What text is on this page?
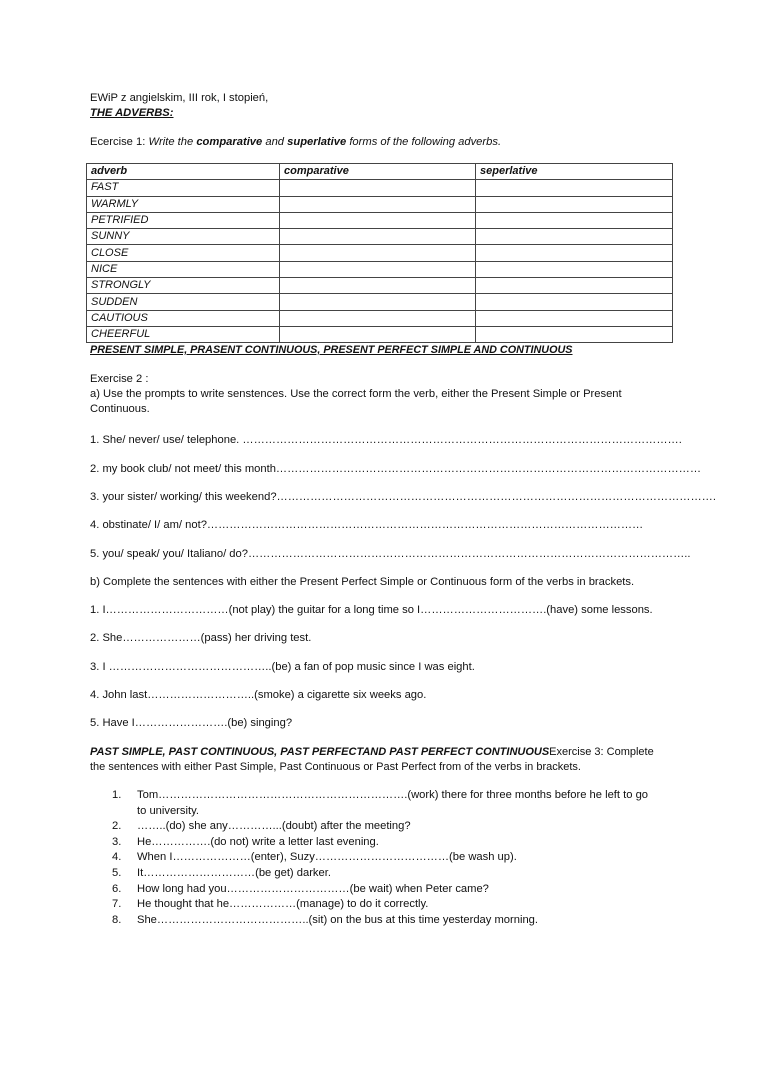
EWiP z angielskim, III rok, I stopień,
THE ADVERBS:
Ecercise 1: Write the comparative and superlative forms of the following adverbs.
adverb	comparative	seperlative
FAST		
WARMLY		
PETRIFIED		
SUNNY		
CLOSE		
NICE		
STRONGLY		
SUDDEN		
CAUTIOUS		
CHEERFUL		
PRESENT SIMPLE, PRASENT CONTINUOUS, PRESENT PERFECT SIMPLE AND CONTINUOUS
Exercise 2 :
a) Use the prompts to write senstences. Use the correct form the verb, either the Present Simple or Present Continuous.
1. She/ never/ use/ telephone. ……………………………………………………………………………………………………….
2. my book club/ not meet/ this month……………………………………………………………………………………………………
3. your sister/ working/ this weekend?……………………………………………………………………………………………………….
4. obstinate/ I/ am/ not?………………………………………………………………………………………………………
5. you/ speak/ you/ Italiano/ do?………………………………………………………………………………………………………..
b) Complete the sentences with either the Present Perfect Simple or Continuous form of the verbs in brackets.
1. I……………………………(not play) the guitar for a long time so I…………………………….(have) some lessons.
2. She…………………(pass) her driving test.
3. I ……………………………………..(be) a fan of pop music since I was eight.
4. John last………………………..(smoke) a cigarette six weeks ago.
5. Have I…………………….(be) singing?
PAST SIMPLE, PAST CONTINUOUS, PAST PERFECTAND PAST PERFECT CONTINUOUSExercise 3: Complete the sentences with either Past Simple, Past Continuous or Past Perfect from of the verbs in brackets.
1. Tom………………………………………………………….(work) there for three months before he left to go to university.
2. ……..(do) she any…………...(doubt) after the meeting?
3. He…………….(do not) write a letter last evening.
4. When I…………………(enter), Suzy………………………………(be wash up).
5. It…………………………(be get) darker.
6. How long had you……………………………(be wait) when Peter came?
7. He thought that he………………(manage) to do it correctly.
8. She…………………………………..(sit) on the bus at this time yesterday morning.
